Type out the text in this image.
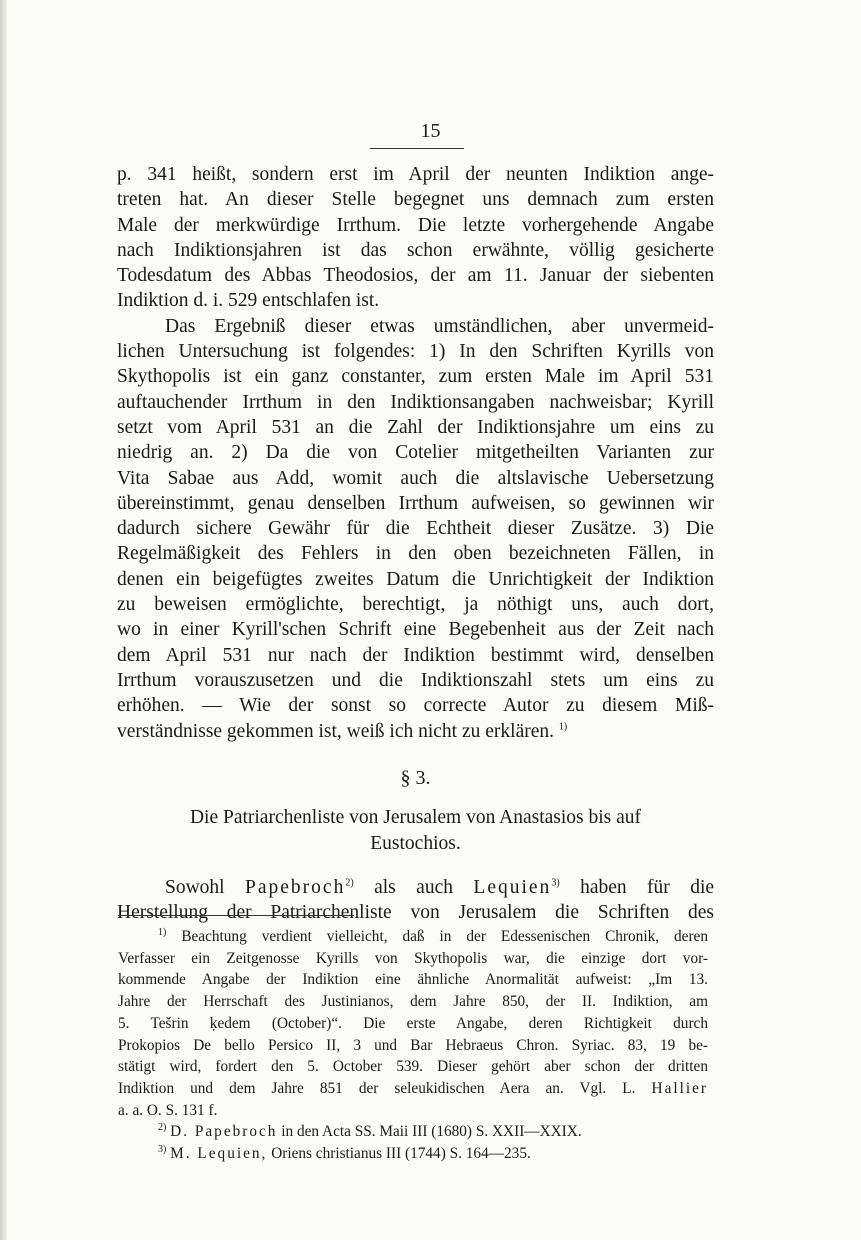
15
p. 341 heißt, sondern erst im April der neunten Indiktion ange-
treten hat. An dieser Stelle begegnet uns demnach zum ersten
Male der merkwürdige Irrthum. Die letzte vorhergehende Angabe
nach Indiktionsjahren ist das schon erwähnte, völlig gesicherte
Todesdatum des Abbas Theodosios, der am 11. Januar der siebenten
Indiktion d. i. 529 entschlafen ist.
Das Ergebniß dieser etwas umständlichen, aber unvermeid-
lichen Untersuchung ist folgendes: 1) In den Schriften Kyrills von
Skythopolis ist ein ganz constanter, zum ersten Male im April 531
auftauchender Irrthum in den Indiktionsangaben nachweisbar; Kyrill
setzt vom April 531 an die Zahl der Indiktionsjahre um eins zu
niedrig an. 2) Da die von Cotelier mitgetheilten Varianten zur
Vita Sabae aus Add, womit auch die altslavische Uebersetzung
übereinstimmt, genau denselben Irrthum aufweisen, so gewinnen wir
dadurch sichere Gewähr für die Echtheit dieser Zusätze. 3) Die
Regelmäßigkeit des Fehlers in den oben bezeichneten Fällen, in
denen ein beigefügtes zweites Datum die Unrichtigkeit der Indiktion
zu beweisen ermöglichte, berechtigt, ja nöthigt uns, auch dort,
wo in einer Kyrill'schen Schrift eine Begebenheit aus der Zeit nach
dem April 531 nur nach der Indiktion bestimmt wird, denselben
Irrthum vorauszusetzen und die Indiktionszahl stets um eins zu
erhöhen. — Wie der sonst so correcte Autor zu diesem Miß-
verständnisse gekommen ist, weiß ich nicht zu erklären. $^{1)}$
§ 3.
Die Patriarchenliste von Jerusalem von Anastasios bis auf
Eustochios.
Sowohl Papebroch$^{2)}$ als auch Lequien$^{3)}$ haben für die
Herstellung der Patriarchenliste von Jerusalem die Schriften des
$^{1)}$ Beachtung verdient vielleicht, daß in der Edessenischen Chronik, deren
Verfasser ein Zeitgenosse Kyrills von Skythopolis war, die einzige dort vor-
kommende Angabe der Indiktion eine ähnliche Anormalität aufweist: „Im 13.
Jahre der Herrschaft des Justinianos, dem Jahre 850, der II. Indiktion, am
5. Tešrin ḳedem (October)“. Die erste Angabe, deren Richtigkeit durch
Prokopios De bello Persico II, 3 und Bar Hebraeus Chron. Syriac. 83, 19 be-
stätigt wird, fordert den 5. October 539. Dieser gehört aber schon der dritten
Indiktion und dem Jahre 851 der seleukidischen Aera an. Vgl. L. Hallier
a. a. O. S. 131 f.
$^{2)}$ D. Papebroch in den Acta SS. Maii III (1680) S. XXII—XXIX.
$^{3)}$ M. Lequien, Oriens christianus III (1744) S. 164—235.
